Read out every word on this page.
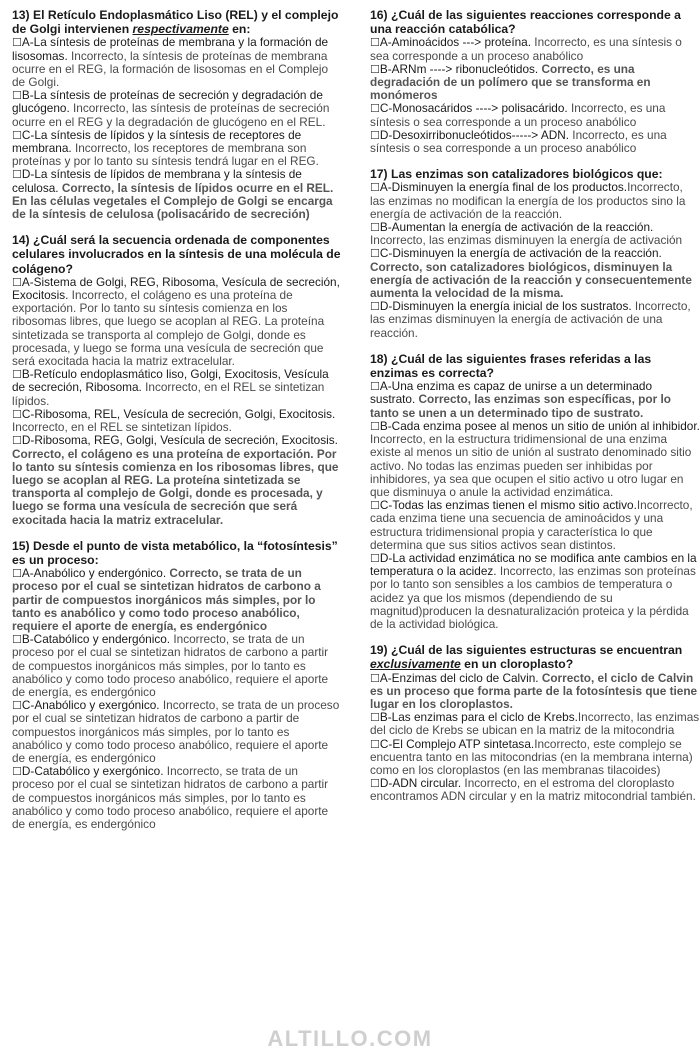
13) El Retículo Endoplasmático Liso (REL) y el complejo de Golgi intervienen respectivamente en:
☐A-La síntesis de proteínas de membrana y la formación de lisosomas. Incorrecto, la síntesis de proteínas de membrana ocurre en el REG, la formación de lisosomas en el Complejo de Golgi.
☐B-La síntesis de proteínas de secreción y degradación de glucógeno. Incorrecto, las síntesis de proteínas de secreción ocurre en el REG y la degradación de glucógeno en el REL.
☐C-La síntesis de lípidos y la síntesis de receptores de membrana. Incorrecto, los receptores de membrana son proteínas y por lo tanto su síntesis tendrá lugar en el REG.
☐D-La síntesis de lípidos de membrana y la síntesis de celulosa. Correcto, la síntesis de lípidos ocurre en el REL. En las células vegetales el Complejo de Golgi se encarga de la síntesis de celulosa (polisacárido de secreción)
14) ¿Cuál será la secuencia ordenada de componentes celulares involucrados en la síntesis de una molécula de colágeno?
☐A-Sistema de Golgi, REG, Ribosoma, Vesícula de secreción, Exocitosis. Incorrecto, el colágeno es una proteína de exportación. Por lo tanto su síntesis comienza en los ribosomas libres, que luego se acoplan al REG. La proteína sintetizada se transporta al complejo de Golgi, donde es procesada, y luego se forma una vesícula de secreción que será exocitada hacia la matriz extracelular.
☐B-Retículo endoplasmático liso, Golgi, Exocitosis, Vesícula de secreción, Ribosoma. Incorrecto, en el REL se sintetizan lípidos.
☐C-Ribosoma, REL, Vesícula de secreción, Golgi, Exocitosis. Incorrecto, en el REL se sintetizan lípidos.
☐D-Ribosoma, REG, Golgi, Vesícula de secreción, Exocitosis. Correcto, el colágeno es una proteína de exportación. Por lo tanto su síntesis comienza en los ribosomas libres, que luego se acoplan al REG. La proteína sintetizada se transporta al complejo de Golgi, donde es procesada, y luego se forma una vesícula de secreción que será exocitada hacia la matriz extracelular.
15) Desde el punto de vista metabólico, la “fotosíntesis” es un proceso:
☐A-Anabólico y endergónico. Correcto, se trata de un proceso por el cual se sintetizan hidratos de carbono a partir de compuestos inorgánicos más simples, por lo tanto es anabólico y como todo proceso anabólico, requiere el aporte de energía, es endergónico
☐B-Catabólico y endergónico. Incorrecto, se trata de un proceso por el cual se sintetizan hidratos de carbono a partir de compuestos inorgánicos más simples, por lo tanto es anabólico y como todo proceso anabólico, requiere el aporte de energía, es endergónico
☐C-Anabólico y exergónico. Incorrecto, se trata de un proceso por el cual se sintetizan hidratos de carbono a partir de compuestos inorgánicos más simples, por lo tanto es anabólico y como todo proceso anabólico, requiere el aporte de energía, es endergónico
☐D-Catabólico y exergónico. Incorrecto, se trata de un proceso por el cual se sintetizan hidratos de carbono a partir de compuestos inorgánicos más simples, por lo tanto es anabólico y como todo proceso anabólico, requiere el aporte de energía, es endergónico
16) ¿Cuál de las siguientes reacciones corresponde a una reacción catabólica?
☐A-Aminoácidos ---> proteína. Incorrecto, es una síntesis o sea corresponde a un proceso anabólico
☐B-ARNm ----> ribonucleótidos. Correcto, es una degradación de un polímero que se transforma en monómeros
☐C-Monosacáridos ----> polisacárido. Incorrecto, es una síntesis o sea corresponde a un proceso anabólico
☐D-Desoxirribonucleótidos-----> ADN. Incorrecto, es una síntesis o sea corresponde a un proceso anabólico
17) Las enzimas son catalizadores biológicos que:
☐A-Disminuyen la energía final de los productos.Incorrecto, las enzimas no modifican la energía de los productos sino la energía de activación de la reacción.
☐B-Aumentan la energía de activación de la reacción. Incorrecto, las enzimas disminuyen la energía de activación
☐C-Disminuyen la energía de activación de la reacción. Correcto, son catalizadores biológicos, disminuyen la energía de activación de la reacción y consecuentemente aumenta la velocidad de la misma.
☐D-Disminuyen la energía inicial de los sustratos. Incorrecto, las enzimas disminuyen la energía de activación de una reacción.
18) ¿Cuál de las siguientes frases referidas a las enzimas es correcta?
☐A-Una enzima es capaz de unirse a un determinado sustrato. Correcto, las enzimas son específicas, por lo tanto se unen a un determinado tipo de sustrato.
☐B-Cada enzima posee al menos un sitio de unión al inhibidor. Incorrecto, en la estructura tridimensional de una enzima existe al menos un sitio de unión al sustrato denominado sitio activo. No todas las enzimas pueden ser inhibidas por inhibidores, ya sea que ocupen el sitio activo u otro lugar en que disminuya o anule la actividad enzimática.
☐C-Todas las enzimas tienen el mismo sitio activo.Incorrecto, cada enzima tiene una secuencia de aminoácidos y una estructura tridimensional propia y característica lo que determina que sus sitios activos sean distintos.
☐D-La actividad enzimática no se modifica ante cambios en la temperatura o la acidez. Incorrecto, las enzimas son proteínas por lo tanto son sensibles a los cambios de temperatura o acidez ya que los mismos (dependiendo de su magnitud)producen la desnaturalización proteica y la pérdida de la actividad biológica.
19) ¿Cuál de las siguientes estructuras se encuentran exclusivamente en un cloroplasto?
☐A-Enzimas del ciclo de Calvin. Correcto, el ciclo de Calvin es un proceso que forma parte de la fotosíntesis que tiene lugar en los cloroplastos.
☐B-Las enzimas para el ciclo de Krebs.Incorrecto, las enzimas del ciclo de Krebs se ubican en la matriz de la mitocondria
☐C-El Complejo ATP sintetasa.Incorrecto, este complejo se encuentra tanto en las mitocondrias (en la membrana interna) como en los cloroplastos (en las membranas tilacoides)
☐D-ADN circular. Incorrecto, en el estroma del cloroplasto encontramos ADN circular y en la matriz mitocondrial también.
ALTILLO.COM
